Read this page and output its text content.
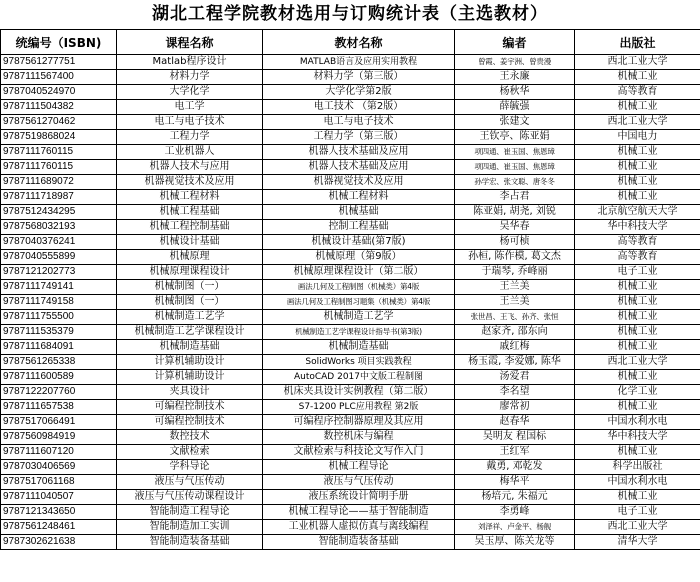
湖北工程学院教材选用与订购统计表（主选教材）
统编号（ISBN)	课程名称	教材名称	编者	出版社
9787561277751	Matlab程序设计	MATLAB语言及应用实用教程	曾霞、姜宇洲、曾贵漫	西北工业大学
9787111567400	材料力学	材料力学（第三版）	王永廉	机械工业
9787040524970	大学化学	大学化学第2版	杨秋华	高等教育
9787111504382	电工学	电工技术 （第2版）	薛毓强	机械工业
9787561270462	电工与电子技术	电工与电子技术	张建文	西北工业大学
9787519868024	工程力学	工程力学（第三版）	王钦亭、陈亚娟	中国电力
9787111760115	工业机器人	机器人技术基础及应用	项四通、崔玉国、焦恩璋	机械工业
9787111760115	机器人技术与应用	机器人技术基础及应用	项四通、崔玉国、焦恩璋	机械工业
9787111689072	机器视觉技术及应用	机器视觉技术及应用	孙学宏、张文聪、唐冬冬	机械工业
9787111718987	机械工程材料	机械工程材料	李占君	机械工业
9787512434295	机械工程基础	机械基础	陈亚娟, 胡尧, 刘锐	北京航空航天大学
9787568032193	机械工程控制基础	控制工程基础	吴华春	华中科技大学
9787040376241	机械设计基础	机械设计基础(第7版)	杨可桢	高等教育
9787040555899	机械原理	机械原理（第9版）	孙桓, 陈作模, 葛文杰	高等教育
9787121202773	机械原理课程设计	机械原理课程设计（第二版）	于瑞琴, 乔峰丽	电子工业
9787111749141	机械制图（一）	画法几何及工程制图（机械类）第4版	王兰美	机械工业
9787111749158	机械制图（一）	画法几何及工程制图习题集（机械类）第4版	王兰美	机械工业
9787111755500	机械制造工艺学	机械制造工艺学	张世昌、王飞、孙齐、张恒	机械工业
9787111535379	机械制造工艺学课程设计	机械制造工艺学课程设计指导书(第3版)	赵家齐, 邵东向	机械工业
9787111684091	机械制造基础	机械制造基础	戚红梅	机械工业
9787561265338	计算机辅助设计	SolidWorks 项目实践教程	杨玉霞, 李爱娜, 陈华	西北工业大学
9787111600589	计算机辅助设计	AutoCAD 2017中文版工程制图	汤爱君	机械工业
9787122207760	夹具设计	机床夹具设计实例教程（第二版）	李名望	化学工业
9787111657538	可编程控制技术	S7-1200 PLC应用教程 第2版	廖常初	机械工业
9787517066491	可编程控制技术	可编程序控制器原理及其应用	赵春华	中国水利水电
9787560984919	数控技术	数控机床与编程	吴明友 程国标	华中科技大学
9787111607120	文献检索	文献检索与科技论文写作入门	王红军	机械工业
9787030406569	学科导论	机械工程导论	戴勇, 邓乾发	科学出版社
9787517061168	液压与气压传动	液压与气压传动	梅华平	中国水利水电
9787111040507	液压与气压传动课程设计	液压系统设计简明手册	杨培元, 朱福元	机械工业
9787121343650	智能制造工程导论	机械工程导论——基于智能制造	李勇峰	电子工业
9787561248461	智能制造加工实训	工业机器人虚拟仿真与离线编程	刘泽祥、卢金平、杨舰	西北工业大学
9787302621638	智能制造装备基础	智能制造装备基础	吴玉厚、陈关龙等	清华大学
